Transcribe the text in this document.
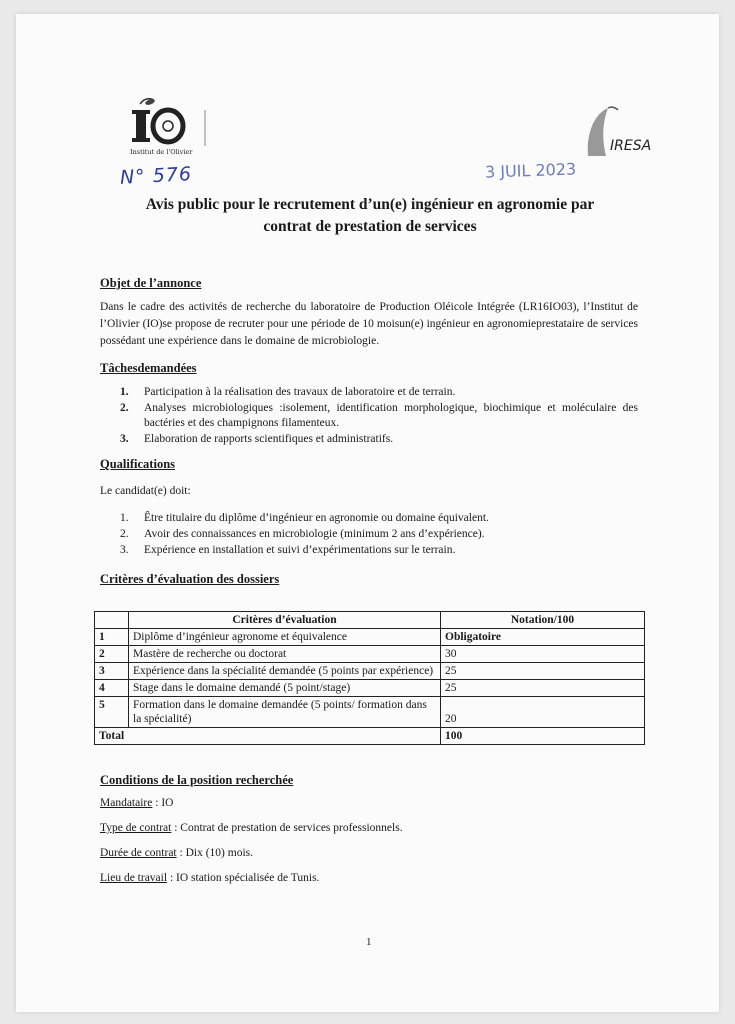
Institut de l'Olivier	IRESA
N° 576	3 JUIL 2023
Avis public pour le recrutement d’un(e) ingénieur en agronomie par
contrat de prestation de services
Objet de l’annonce
Dans le cadre des activités de recherche du laboratoire de Production Oléicole Intégrée (LR16IO03), l’Institut de l’Olivier (IO)se propose de recruter pour une période de 10 moisun(e) ingénieur en agronomieprestataire de services possédant une expérience dans le domaine de microbiologie.
Tâchesdemandées
1.	Participation à la réalisation des travaux de laboratoire et de terrain.
2.	Analyses microbiologiques :isolement, identification morphologique, biochimique et moléculaire des bactéries et des champignons filamenteux.
3.	Elaboration de rapports scientifiques et administratifs.
Qualifications
Le candidat(e) doit:
1.	Être titulaire du diplôme d’ingénieur en agronomie ou domaine équivalent.
2.	Avoir des connaissances en microbiologie (minimum 2 ans d’expérience).
3.	Expérience en installation et suivi d’expérimentations sur le terrain.
Critères d’évaluation des dossiers
	Critères d’évaluation	Notation/100
1	Diplôme d’ingénieur agronome et équivalence	Obligatoire
2	Mastère de recherche ou doctorat	30
3	Expérience dans la spécialité demandée (5 points par expérience)	25
4	Stage dans le domaine demandé (5 point/stage)	25
5	Formation dans le domaine demandée (5 points/ formation dans la spécialité)	20
Total		100
Conditions de la position recherchée
Mandataire : IO
Type de contrat : Contrat de prestation de services professionnels.
Durée de contrat : Dix (10) mois.
Lieu de travail : IO station spécialisée de Tunis.
1
